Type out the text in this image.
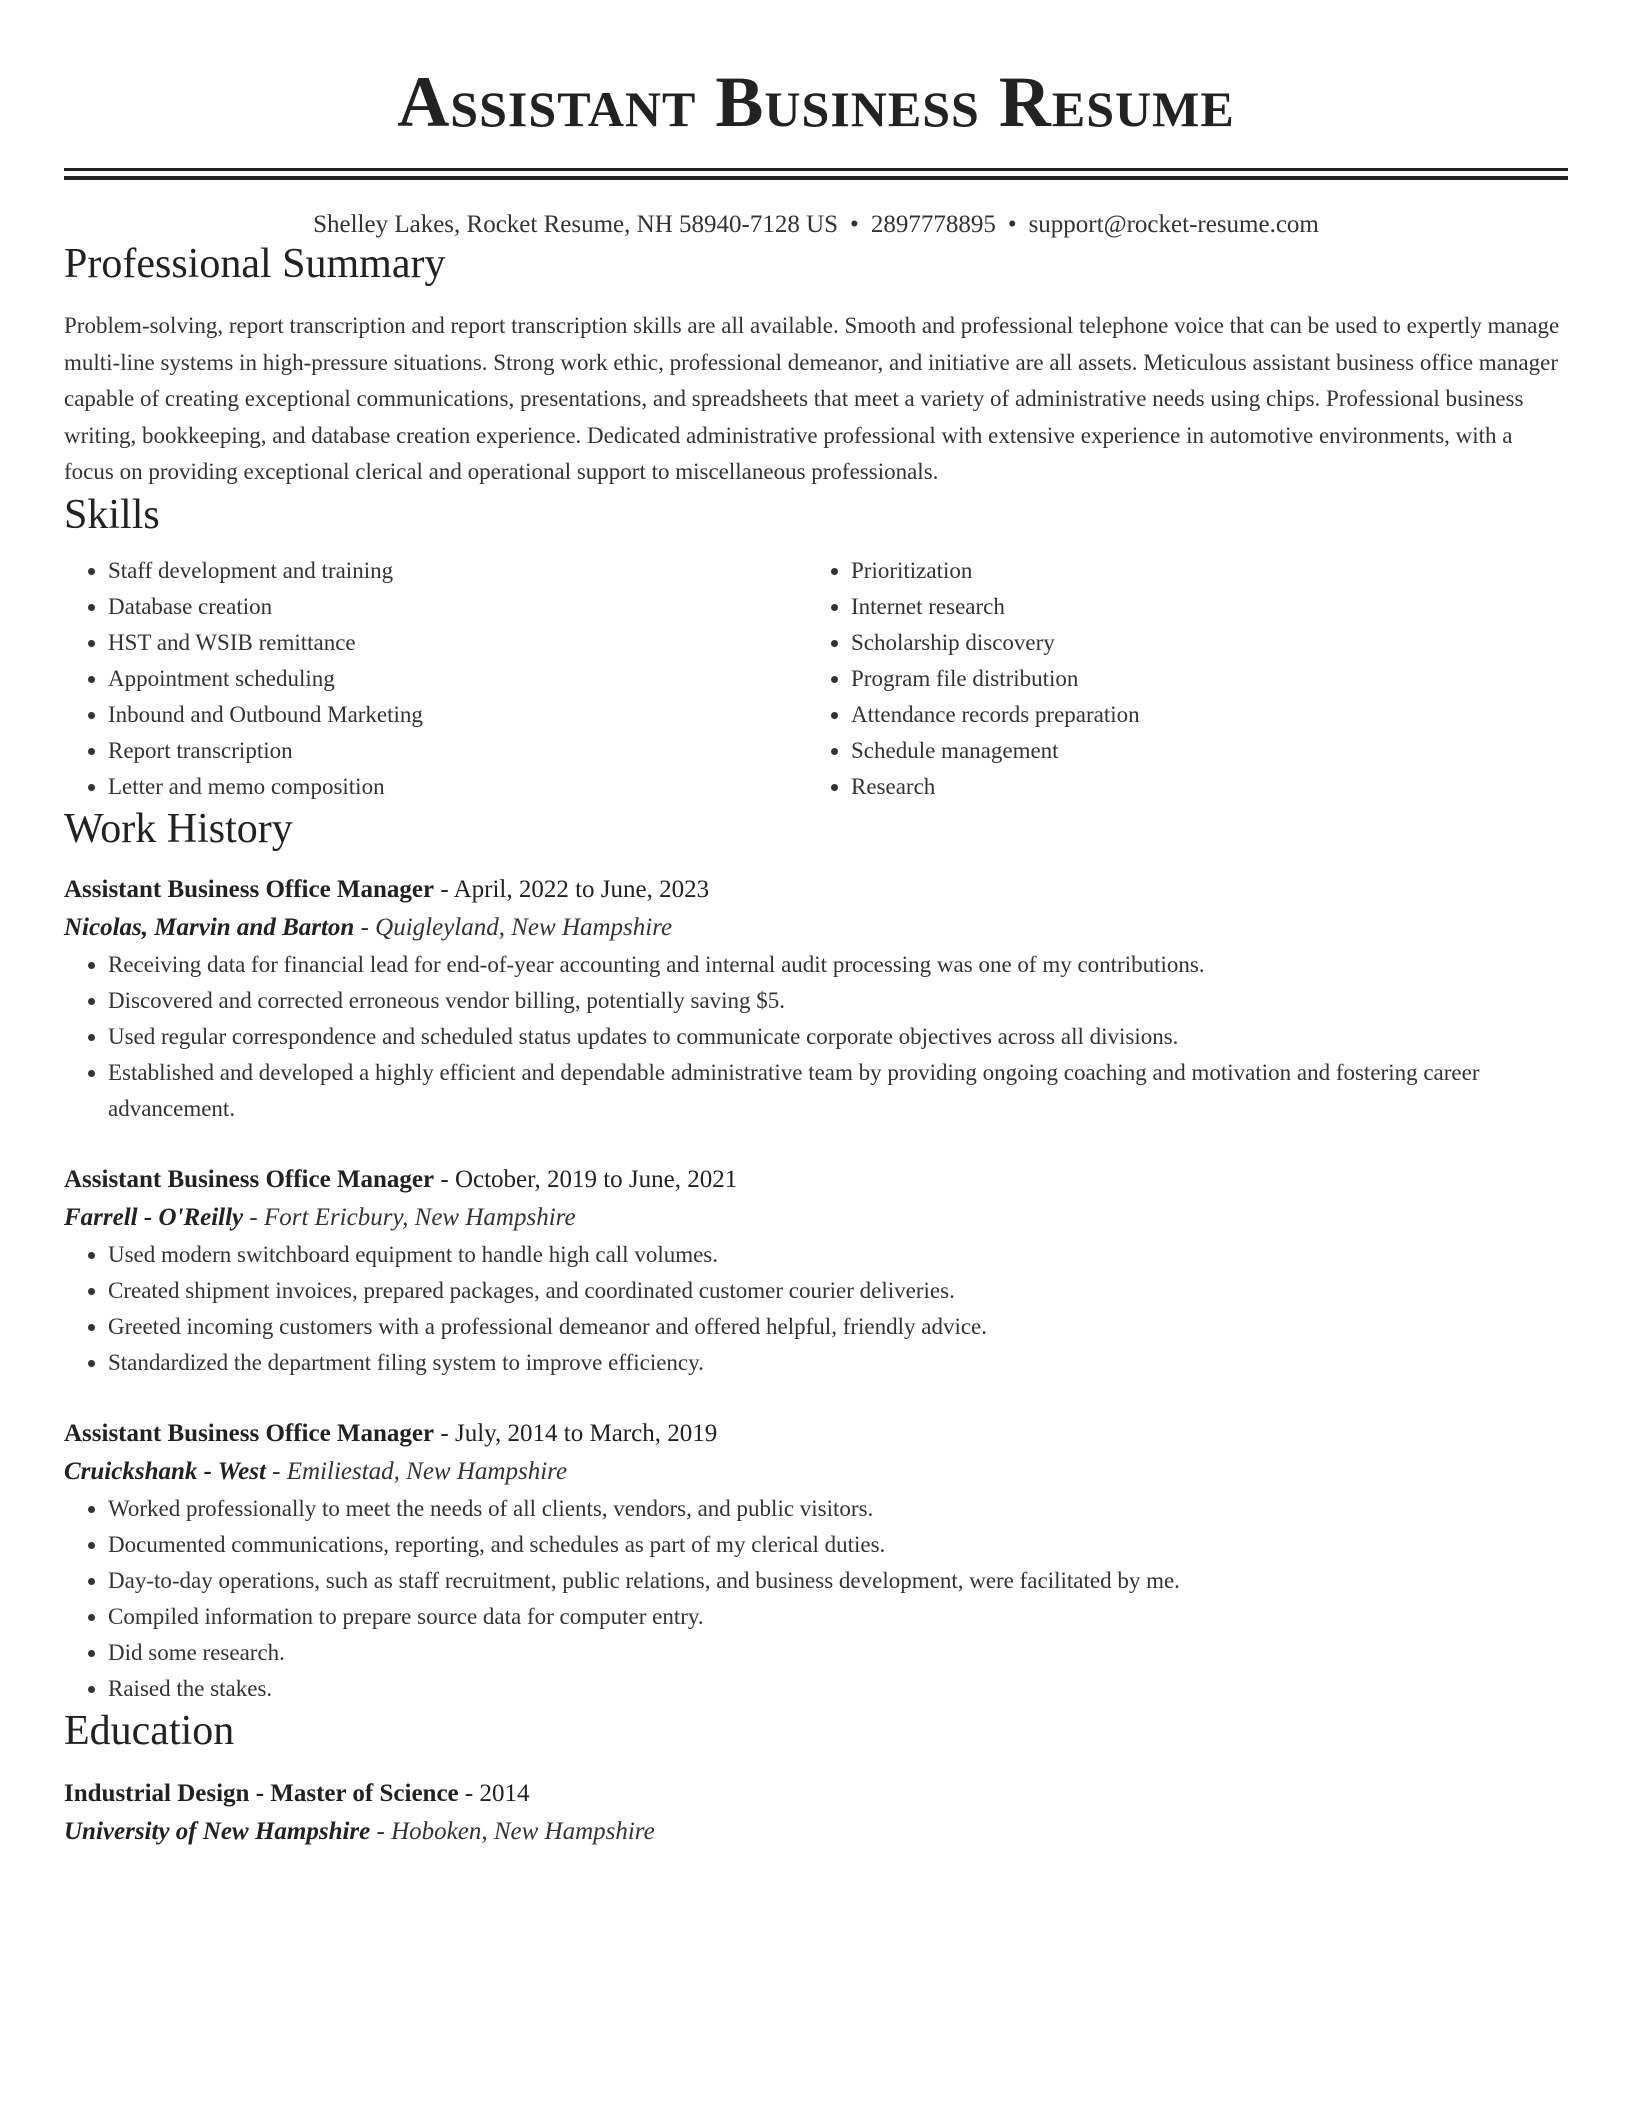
Assistant Business Resume
Shelley Lakes, Rocket Resume, NH 58940-7128 US • 2897778895 • support@rocket-resume.com
Professional Summary
Problem-solving, report transcription and report transcription skills are all available. Smooth and professional telephone voice that can be used to expertly manage multi-line systems in high-pressure situations. Strong work ethic, professional demeanor, and initiative are all assets. Meticulous assistant business office manager capable of creating exceptional communications, presentations, and spreadsheets that meet a variety of administrative needs using chips. Professional business writing, bookkeeping, and database creation experience. Dedicated administrative professional with extensive experience in automotive environments, with a focus on providing exceptional clerical and operational support to miscellaneous professionals.
Skills
• Staff development and training
• Database creation
• HST and WSIB remittance
• Appointment scheduling
• Inbound and Outbound Marketing
• Report transcription
• Letter and memo composition
• Prioritization
• Internet research
• Scholarship discovery
• Program file distribution
• Attendance records preparation
• Schedule management
• Research
Work History
Assistant Business Office Manager - April, 2022 to June, 2023
Nicolas, Marvin and Barton - Quigleyland, New Hampshire
• Receiving data for financial lead for end-of-year accounting and internal audit processing was one of my contributions.
• Discovered and corrected erroneous vendor billing, potentially saving $5.
• Used regular correspondence and scheduled status updates to communicate corporate objectives across all divisions.
• Established and developed a highly efficient and dependable administrative team by providing ongoing coaching and motivation and fostering career advancement.
Assistant Business Office Manager - October, 2019 to June, 2021
Farrell - O'Reilly - Fort Ericbury, New Hampshire
• Used modern switchboard equipment to handle high call volumes.
• Created shipment invoices, prepared packages, and coordinated customer courier deliveries.
• Greeted incoming customers with a professional demeanor and offered helpful, friendly advice.
• Standardized the department filing system to improve efficiency.
Assistant Business Office Manager - July, 2014 to March, 2019
Cruickshank - West - Emiliestad, New Hampshire
• Worked professionally to meet the needs of all clients, vendors, and public visitors.
• Documented communications, reporting, and schedules as part of my clerical duties.
• Day-to-day operations, such as staff recruitment, public relations, and business development, were facilitated by me.
• Compiled information to prepare source data for computer entry.
• Did some research.
• Raised the stakes.
Education
Industrial Design - Master of Science - 2014
University of New Hampshire - Hoboken, New Hampshire
